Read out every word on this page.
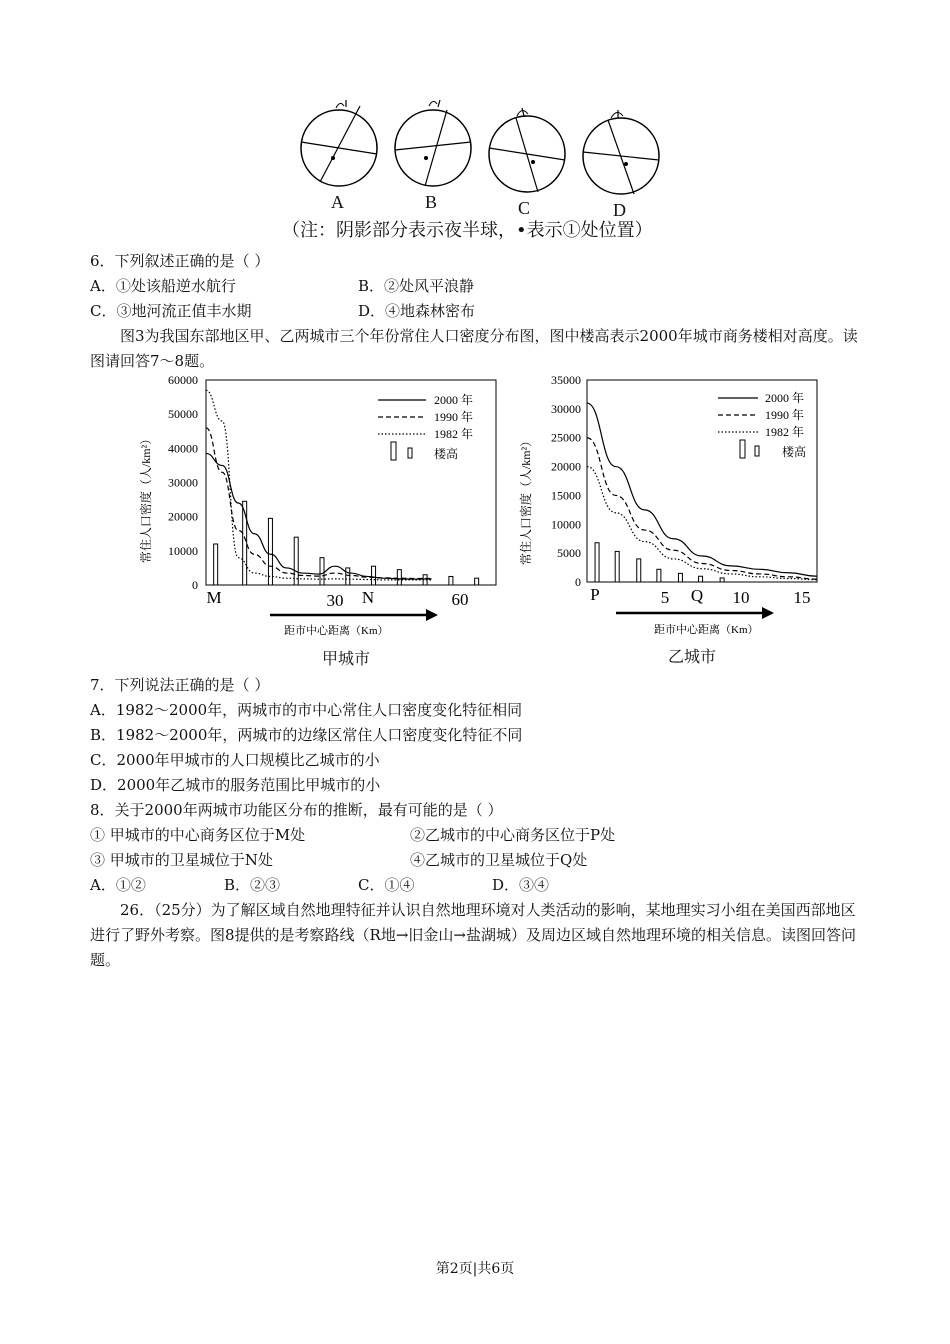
A	B	C	D
（注：阴影部分表示夜半球，•表示①处位置）
6．下列叙述正确的是（ ）
A．①处该船逆水航行	B．②处风平浪静
C．③地河流正值丰水期	D．④地森林密布
图3为我国东部地区甲、乙两城市三个年份常住人口密度分布图，图中楼高表示2000年城市商务楼相对高度。读图请回答7～8题。
60000
50000
40000
30000
20000
10000
0
M	30 N	60
2000 年
1990 年
1982 年
楼高
常住人口密度（人/km²）
距市中心距离（Km）
甲城市
35000
30000
25000
20000
15000
10000
5000
0
P	5 Q 10	15
2000 年
1990 年
1982 年
楼高
常住人口密度（人/km²）
距市中心距离（Km）
乙城市
7．下列说法正确的是（ ）
A．1982～2000年，两城市的市中心常住人口密度变化特征相同
B．1982～2000年，两城市的边缘区常住人口密度变化特征不同
C．2000年甲城市的人口规模比乙城市的小
D．2000年乙城市的服务范围比甲城市的小
8．关于2000年两城市功能区分布的推断，最有可能的是（ ）
① 甲城市的中心商务区位于M处	②乙城市的中心商务区位于P处
③ 甲城市的卫星城位于N处	④乙城市的卫星城位于Q处
A．①②	B．②③	C．①④	D．③④
26．（25分）为了解区域自然地理特征并认识自然地理环境对人类活动的影响，某地理实习小组在美国西部地区进行了野外考察。图8提供的是考察路线（R地→旧金山→盐湖城）及周边区域自然地理环境的相关信息。读图回答问题。
第2页|共6页
